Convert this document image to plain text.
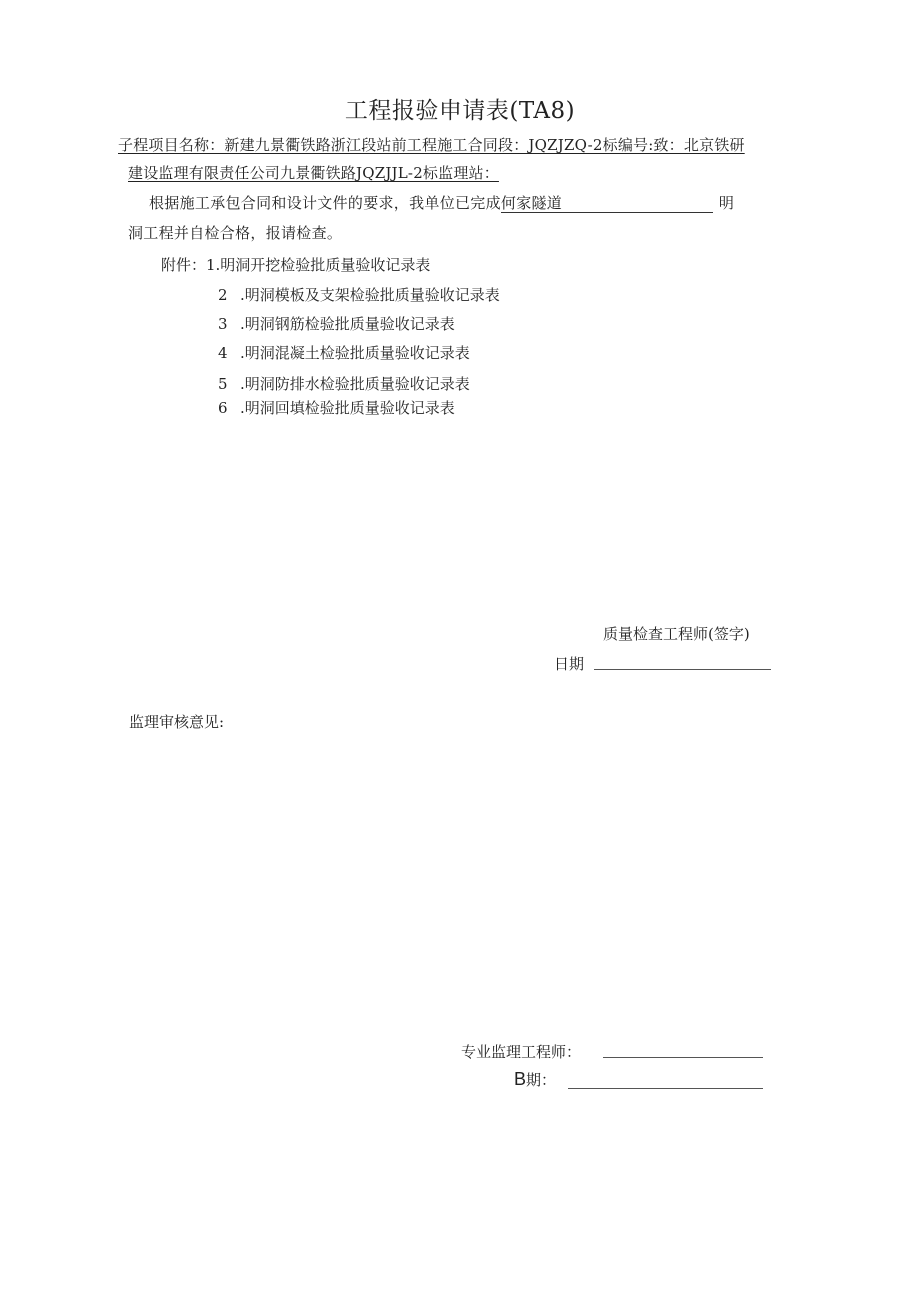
工程报验申请表(TA8)
子程项目名称：新建九景衢铁路浙江段站前工程施工合同段：JQZJZQ-2标编号:致：北京铁研
建设监理有限责任公司九景衢铁路JQZJJL-2标监理站：
根据施工承包合同和设计文件的要求，我单位已完成何家隧道	明
洞工程并自检合格，报请检查。
附件：1.明洞开挖检验批质量验收记录表
2 .明洞模板及支架检验批质量验收记录表
3 .明洞钢筋检验批质量验收记录表
4 .明洞混凝土检验批质量验收记录表
5 .明洞防排水检验批质量验收记录表
6 .明洞回填检验批质量验收记录表
质量检查工程师(签字)
日期
监理审核意见:
专业监理工程师：
B期：
